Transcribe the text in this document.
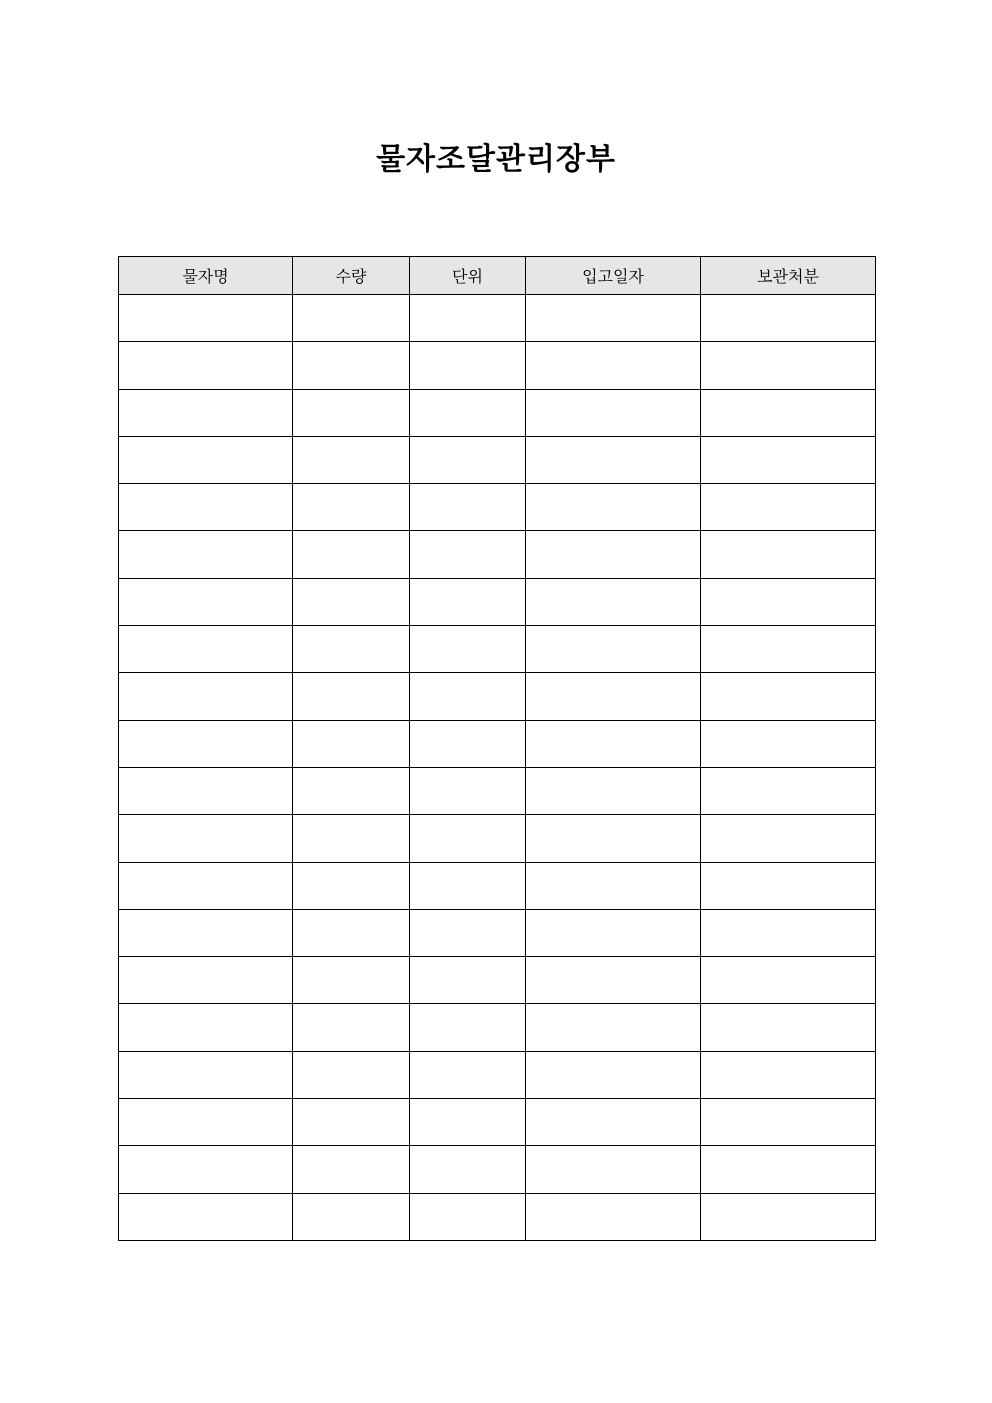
물자조달관리장부
물자명	수량	단위	입고일자	보관처분
